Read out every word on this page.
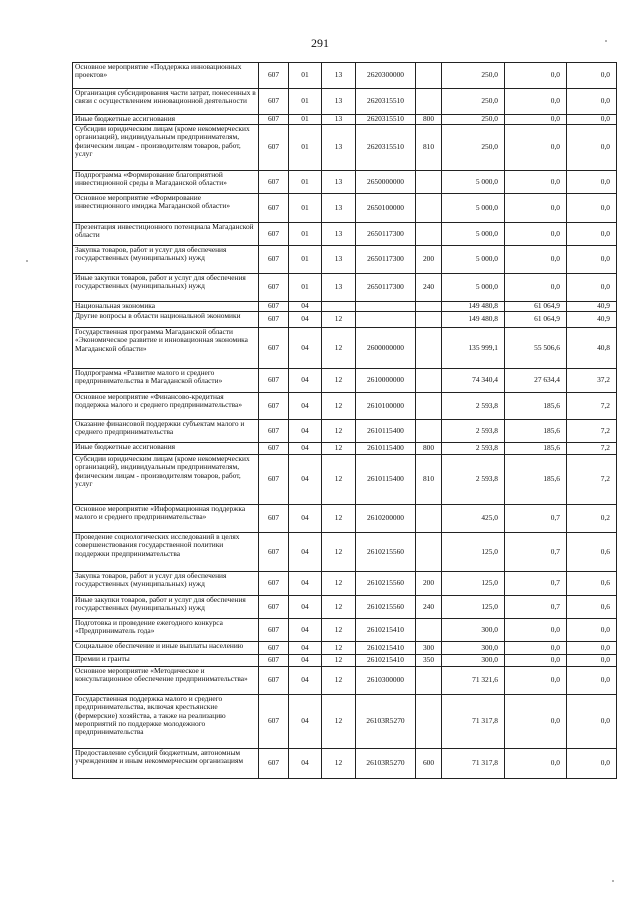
291
Основное мероприятие «Поддержка инновационных проектов»	607	01	13	2620300000		250,0	0,0	0,0
Организация субсидирования части затрат, понесенных в связи с осуществлением инновационной деятельности	607	01	13	2620315510		250,0	0,0	0,0
Иные бюджетные ассигнования	607	01	13	2620315510	800	250,0	0,0	0,0
Субсидии юридическим лицам (кроме некоммерческих организаций), индивидуальным предпринимателям, физическим лицам - производителям товаров, работ, услуг	607	01	13	2620315510	810	250,0	0,0	0,0
Подпрограмма «Формирование благоприятной инвестиционной среды в Магаданской области»	607	01	13	2650000000		5 000,0	0,0	0,0
Основное мероприятие «Формирование инвестиционного имиджа Магаданской области»	607	01	13	2650100000		5 000,0	0,0	0,0
Презентация инвестиционного потенциала Магаданской области	607	01	13	2650117300		5 000,0	0,0	0,0
Закупка товаров, работ и услуг для обеспечения государственных (муниципальных) нужд	607	01	13	2650117300	200	5 000,0	0,0	0,0
Иные закупки товаров, работ и услуг для обеспечения государственных (муниципальных) нужд	607	01	13	2650117300	240	5 000,0	0,0	0,0
Национальная экономика	607	04				149 480,8	61 064,9	40,9
Другие вопросы в области национальной экономики	607	04	12			149 480,8	61 064,9	40,9
Государственная программа Магаданской области «Экономическое развитие и инновационная экономика Магаданской области»	607	04	12	2600000000		135 999,1	55 506,6	40,8
Подпрограмма «Развитие малого и среднего предпринимательства в Магаданской области»	607	04	12	2610000000		74 340,4	27 634,4	37,2
Основное мероприятие «Финансово-кредитная поддержка малого и среднего предпринимательства»	607	04	12	2610100000		2 593,8	185,6	7,2
Оказание финансовой поддержки субъектам малого и среднего предпринимательства	607	04	12	2610115400		2 593,8	185,6	7,2
Иные бюджетные ассигнования	607	04	12	2610115400	800	2 593,8	185,6	7,2
Субсидии юридическим лицам (кроме некоммерческих организаций), индивидуальным предпринимателям, физическим лицам - производителям товаров, работ, услуг	607	04	12	2610115400	810	2 593,8	185,6	7,2
Основное мероприятие «Информационная поддержка малого и среднего предпринимательства»	607	04	12	2610200000		425,0	0,7	0,2
Проведение социологических исследований в целях совершенствования государственной политики поддержки предпринимательства	607	04	12	2610215560		125,0	0,7	0,6
Закупка товаров, работ и услуг для обеспечения государственных (муниципальных) нужд	607	04	12	2610215560	200	125,0	0,7	0,6
Иные закупки товаров, работ и услуг для обеспечения государственных (муниципальных) нужд	607	04	12	2610215560	240	125,0	0,7	0,6
Подготовка и проведение ежегодного конкурса «Предприниматель года»	607	04	12	2610215410		300,0	0,0	0,0
Социальное обеспечение и иные выплаты населению	607	04	12	2610215410	300	300,0	0,0	0,0
Премии и гранты	607	04	12	2610215410	350	300,0	0,0	0,0
Основное мероприятие «Методическое и консультационное обеспечение предпринимательства»	607	04	12	2610300000		71 321,6	0,0	0,0
Государственная поддержка малого и среднего предпринимательства, включая крестьянские (фермерские) хозяйства, а также на реализацию мероприятий по поддержке молодежного предпринимательства	607	04	12	26103R5270		71 317,8	0,0	0,0
Предоставление субсидий бюджетным, автономным учреждениям и иным некоммерческим организациям	607	04	12	26103R5270	600	71 317,8	0,0	0,0
